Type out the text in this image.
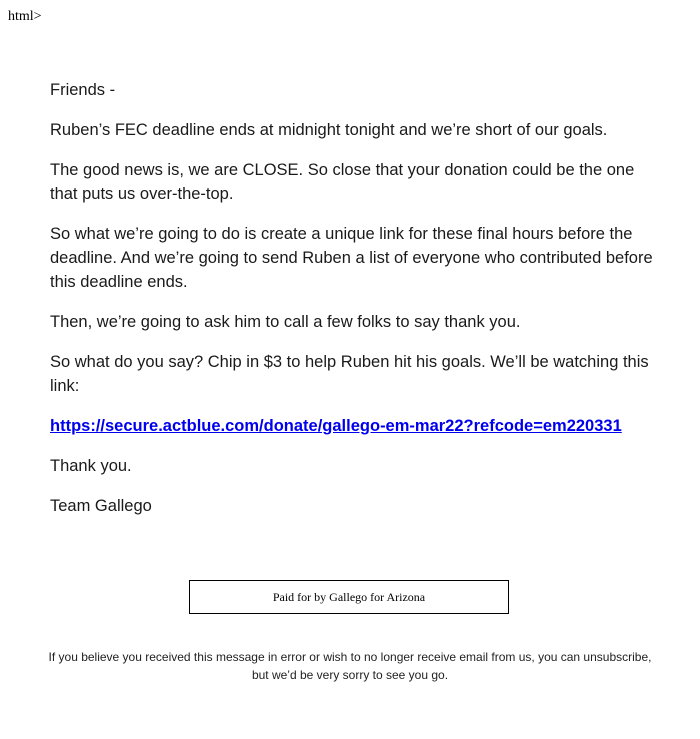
html>

Friends -

Ruben’s FEC deadline ends at midnight tonight and we’re short of our goals.

The good news is, we are CLOSE. So close that your donation could be the one that puts us over-the-top.

So what we’re going to do is create a unique link for these final hours before the deadline. And we’re going to send Ruben a list of everyone who contributed before this deadline ends.

Then, we’re going to ask him to call a few folks to say thank you.

So what do you say? Chip in $3 to help Ruben hit his goals. We’ll be watching this link:

https://secure.actblue.com/donate/gallego-em-mar22?refcode=em220331

Thank you.

Team Gallego

Paid for by Gallego for Arizona
If you believe you received this message in error or wish to no longer receive email from us, you can unsubscribe, but we’d be very sorry to see you go.
